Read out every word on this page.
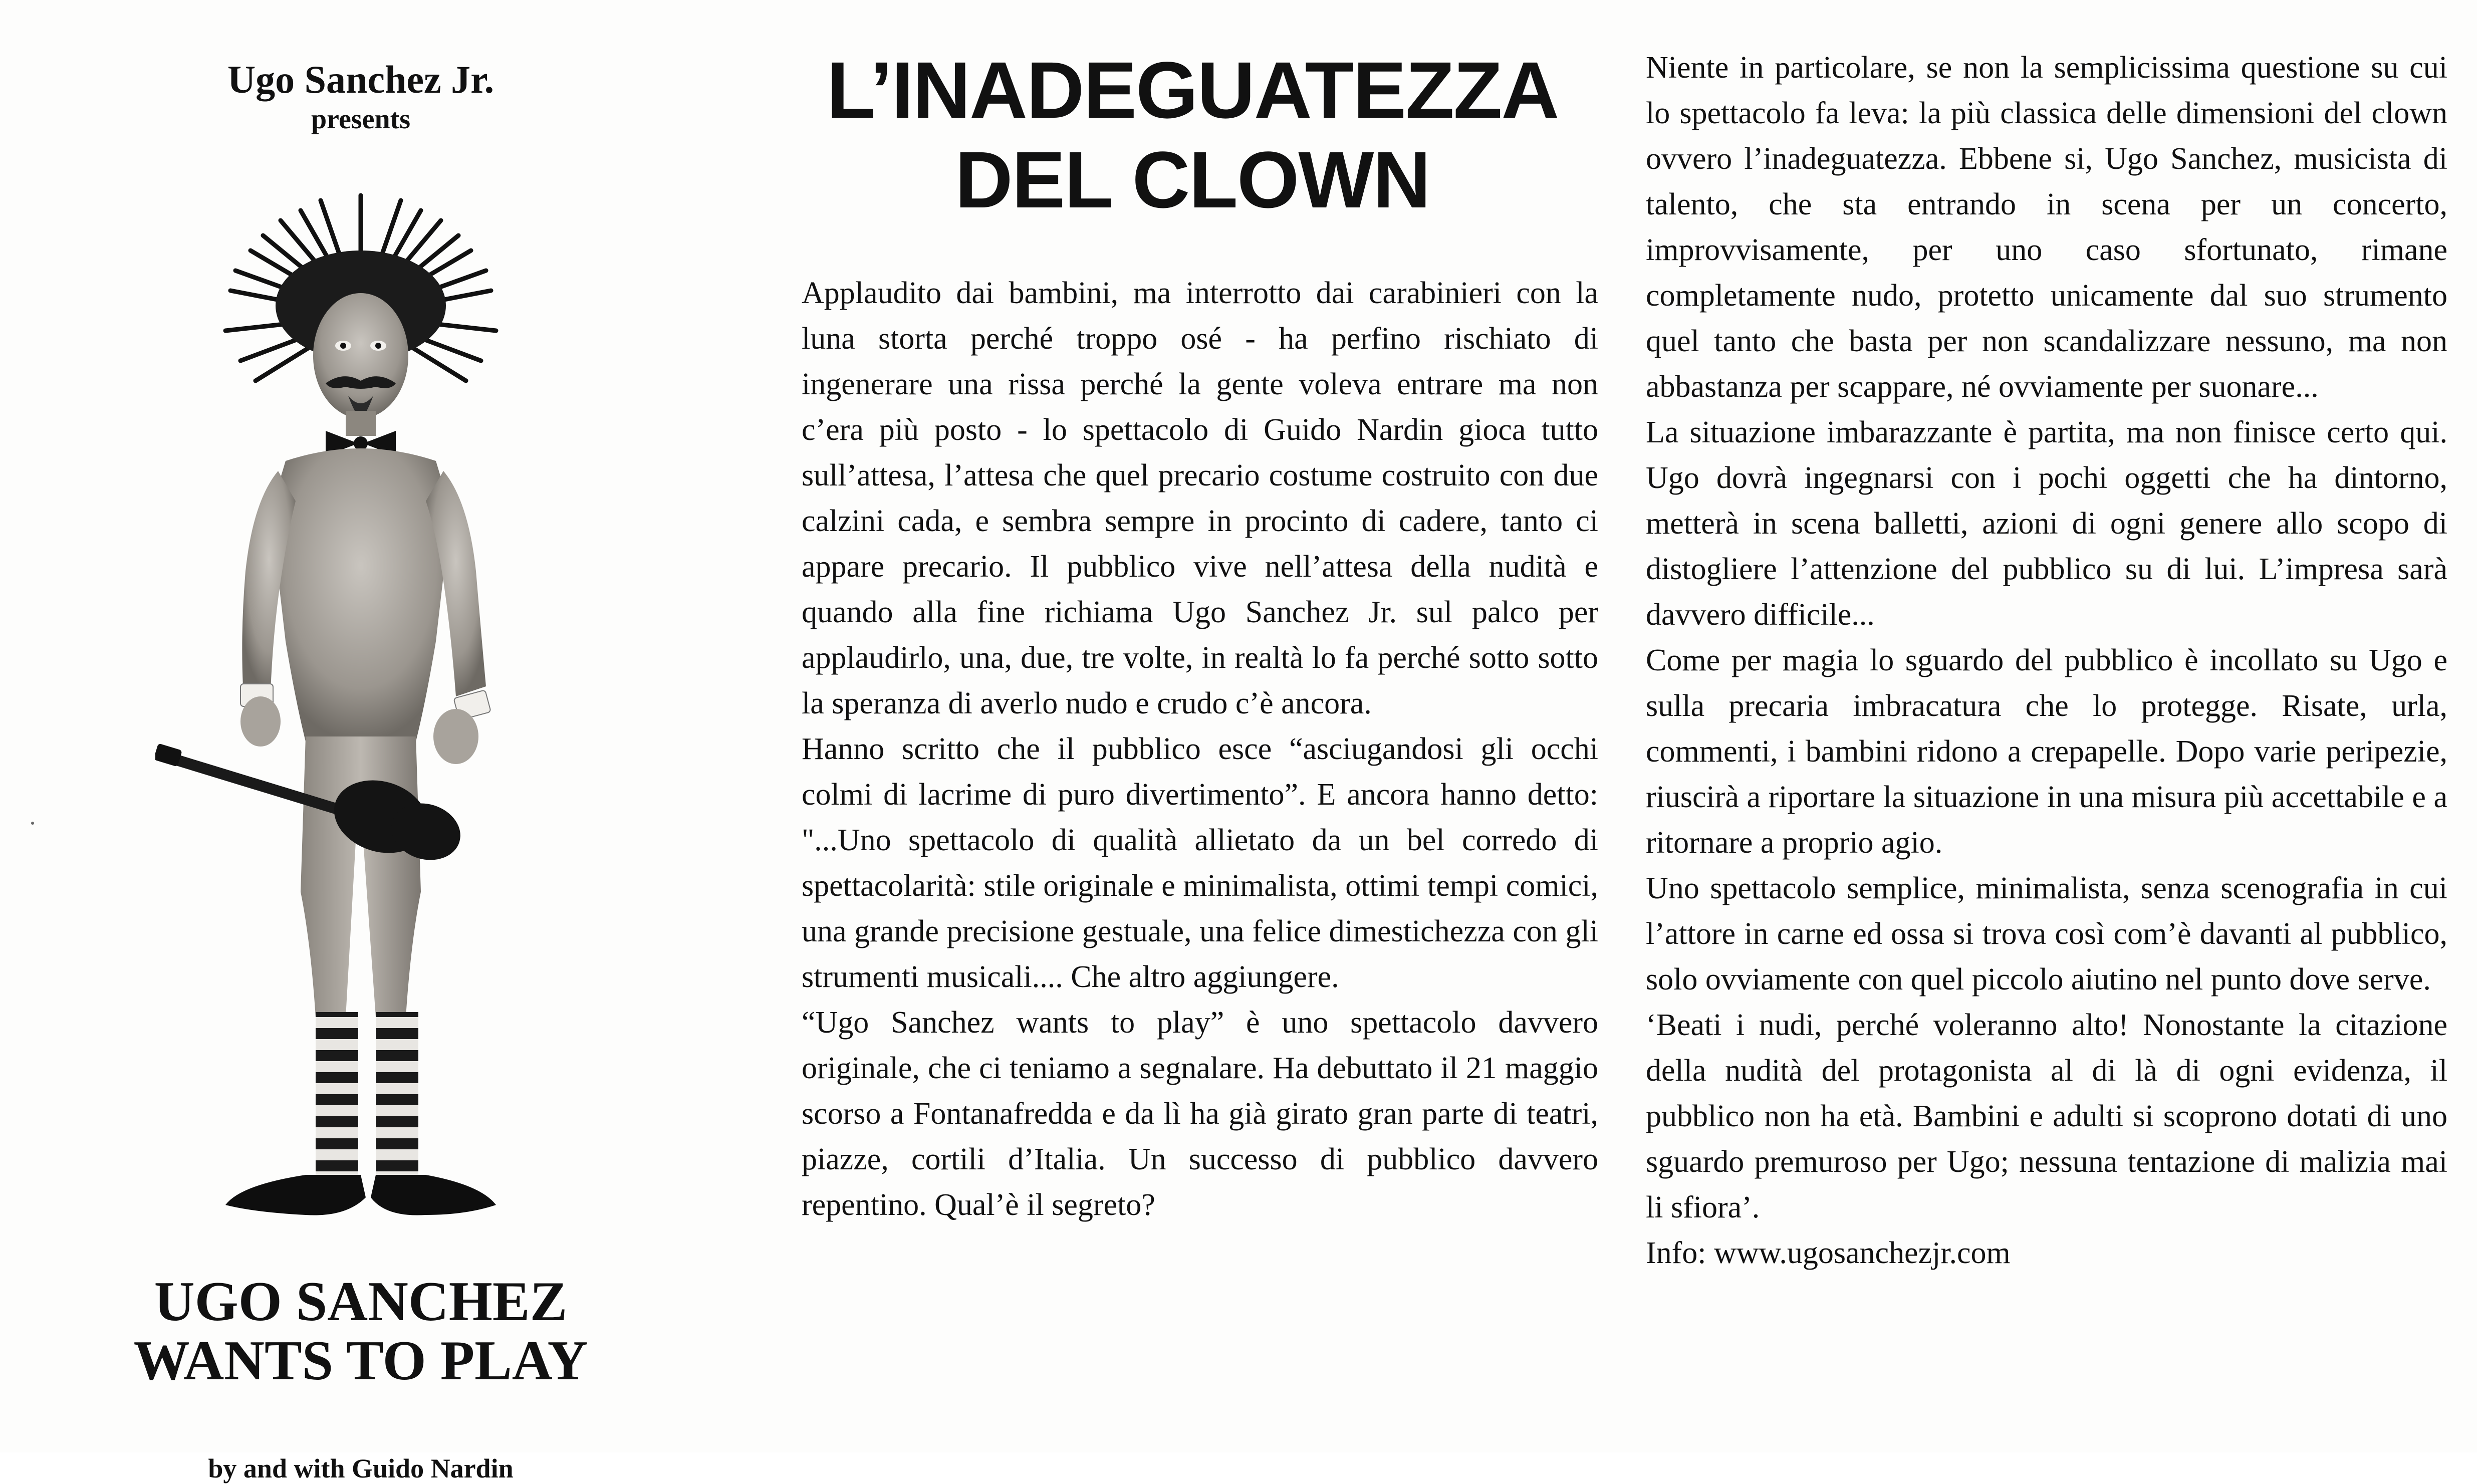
Ugo Sanchez Jr.
presents
UGO SANCHEZ
WANTS TO PLAY
by and with Guido Nardin
L’INADEGUATEZZA
DEL CLOWN

Applaudito dai bambini, ma interrotto dai carabinieri con la luna storta perché troppo osé - ha perfino rischiato di ingenerare una rissa perché la gente voleva entrare ma non c’era più posto - lo spettacolo di Guido Nardin gioca tutto sull’attesa, l’attesa che quel precario costume costruito con due calzini cada, e sembra sempre in procinto di cadere, tanto ci appare precario. Il pubblico vive nell’attesa della nudità e quando alla fine richiama Ugo Sanchez Jr. sul palco per applaudirlo, una, due, tre volte, in realtà lo fa perché sotto sotto la speranza di averlo nudo e crudo c’è ancora.

Hanno scritto che il pubblico esce “asciugandosi gli occhi colmi di lacrime di puro divertimento”. E ancora hanno detto: "...Uno spettacolo di qualità allietato da un bel corredo di spettacolarità: stile originale e minimalista, ottimi tempi comici, una grande precisione gestuale, una felice dimestichezza con gli strumenti musicali.... Che altro aggiungere.

“Ugo Sanchez wants to play” è uno spettacolo davvero originale, che ci teniamo a segnalare. Ha debuttato il 21 maggio scorso a Fontanafredda e da lì ha già girato gran parte di teatri, piazze, cortili d’Italia. Un successo di pubblico davvero repentino. Qual’è il segreto?

Niente in particolare, se non la semplicissima questione su cui lo spettacolo fa leva: la più classica delle dimensioni del clown ovvero l’inadeguatezza. Ebbene si, Ugo Sanchez, musicista di talento, che sta entrando in scena per un concerto, improvvisamente, per uno caso sfortunato, rimane completamente nudo, protetto unicamente dal suo strumento quel tanto che basta per non scandalizzare nessuno, ma non abbastanza per scappare, né ovviamente per suonare...

La situazione imbarazzante è partita, ma non finisce certo qui. Ugo dovrà ingegnarsi con i pochi oggetti che ha dintorno, metterà in scena balletti, azioni di ogni genere allo scopo di distogliere l’attenzione del pubblico su di lui. L’impresa sarà davvero difficile...

Come per magia lo sguardo del pubblico è incollato su Ugo e sulla precaria imbracatura che lo protegge. Risate, urla, commenti, i bambini ridono a crepapelle. Dopo varie peripezie, riuscirà a riportare la situazione in una misura più accettabile e a ritornare a proprio agio.

Uno spettacolo semplice, minimalista, senza scenografia in cui l’attore in carne ed ossa si trova così com’è davanti al pubblico, solo ovviamente con quel piccolo aiutino nel punto dove serve.

‘Beati i nudi, perché voleranno alto! Nonostante la citazione della nudità del protagonista al di là di ogni evidenza, il pubblico non ha età. Bambini e adulti si scoprono dotati di uno sguardo premuroso per Ugo; nessuna tentazione di malizia mai li sfiora’.

Info: www.ugosanchezjr.com
